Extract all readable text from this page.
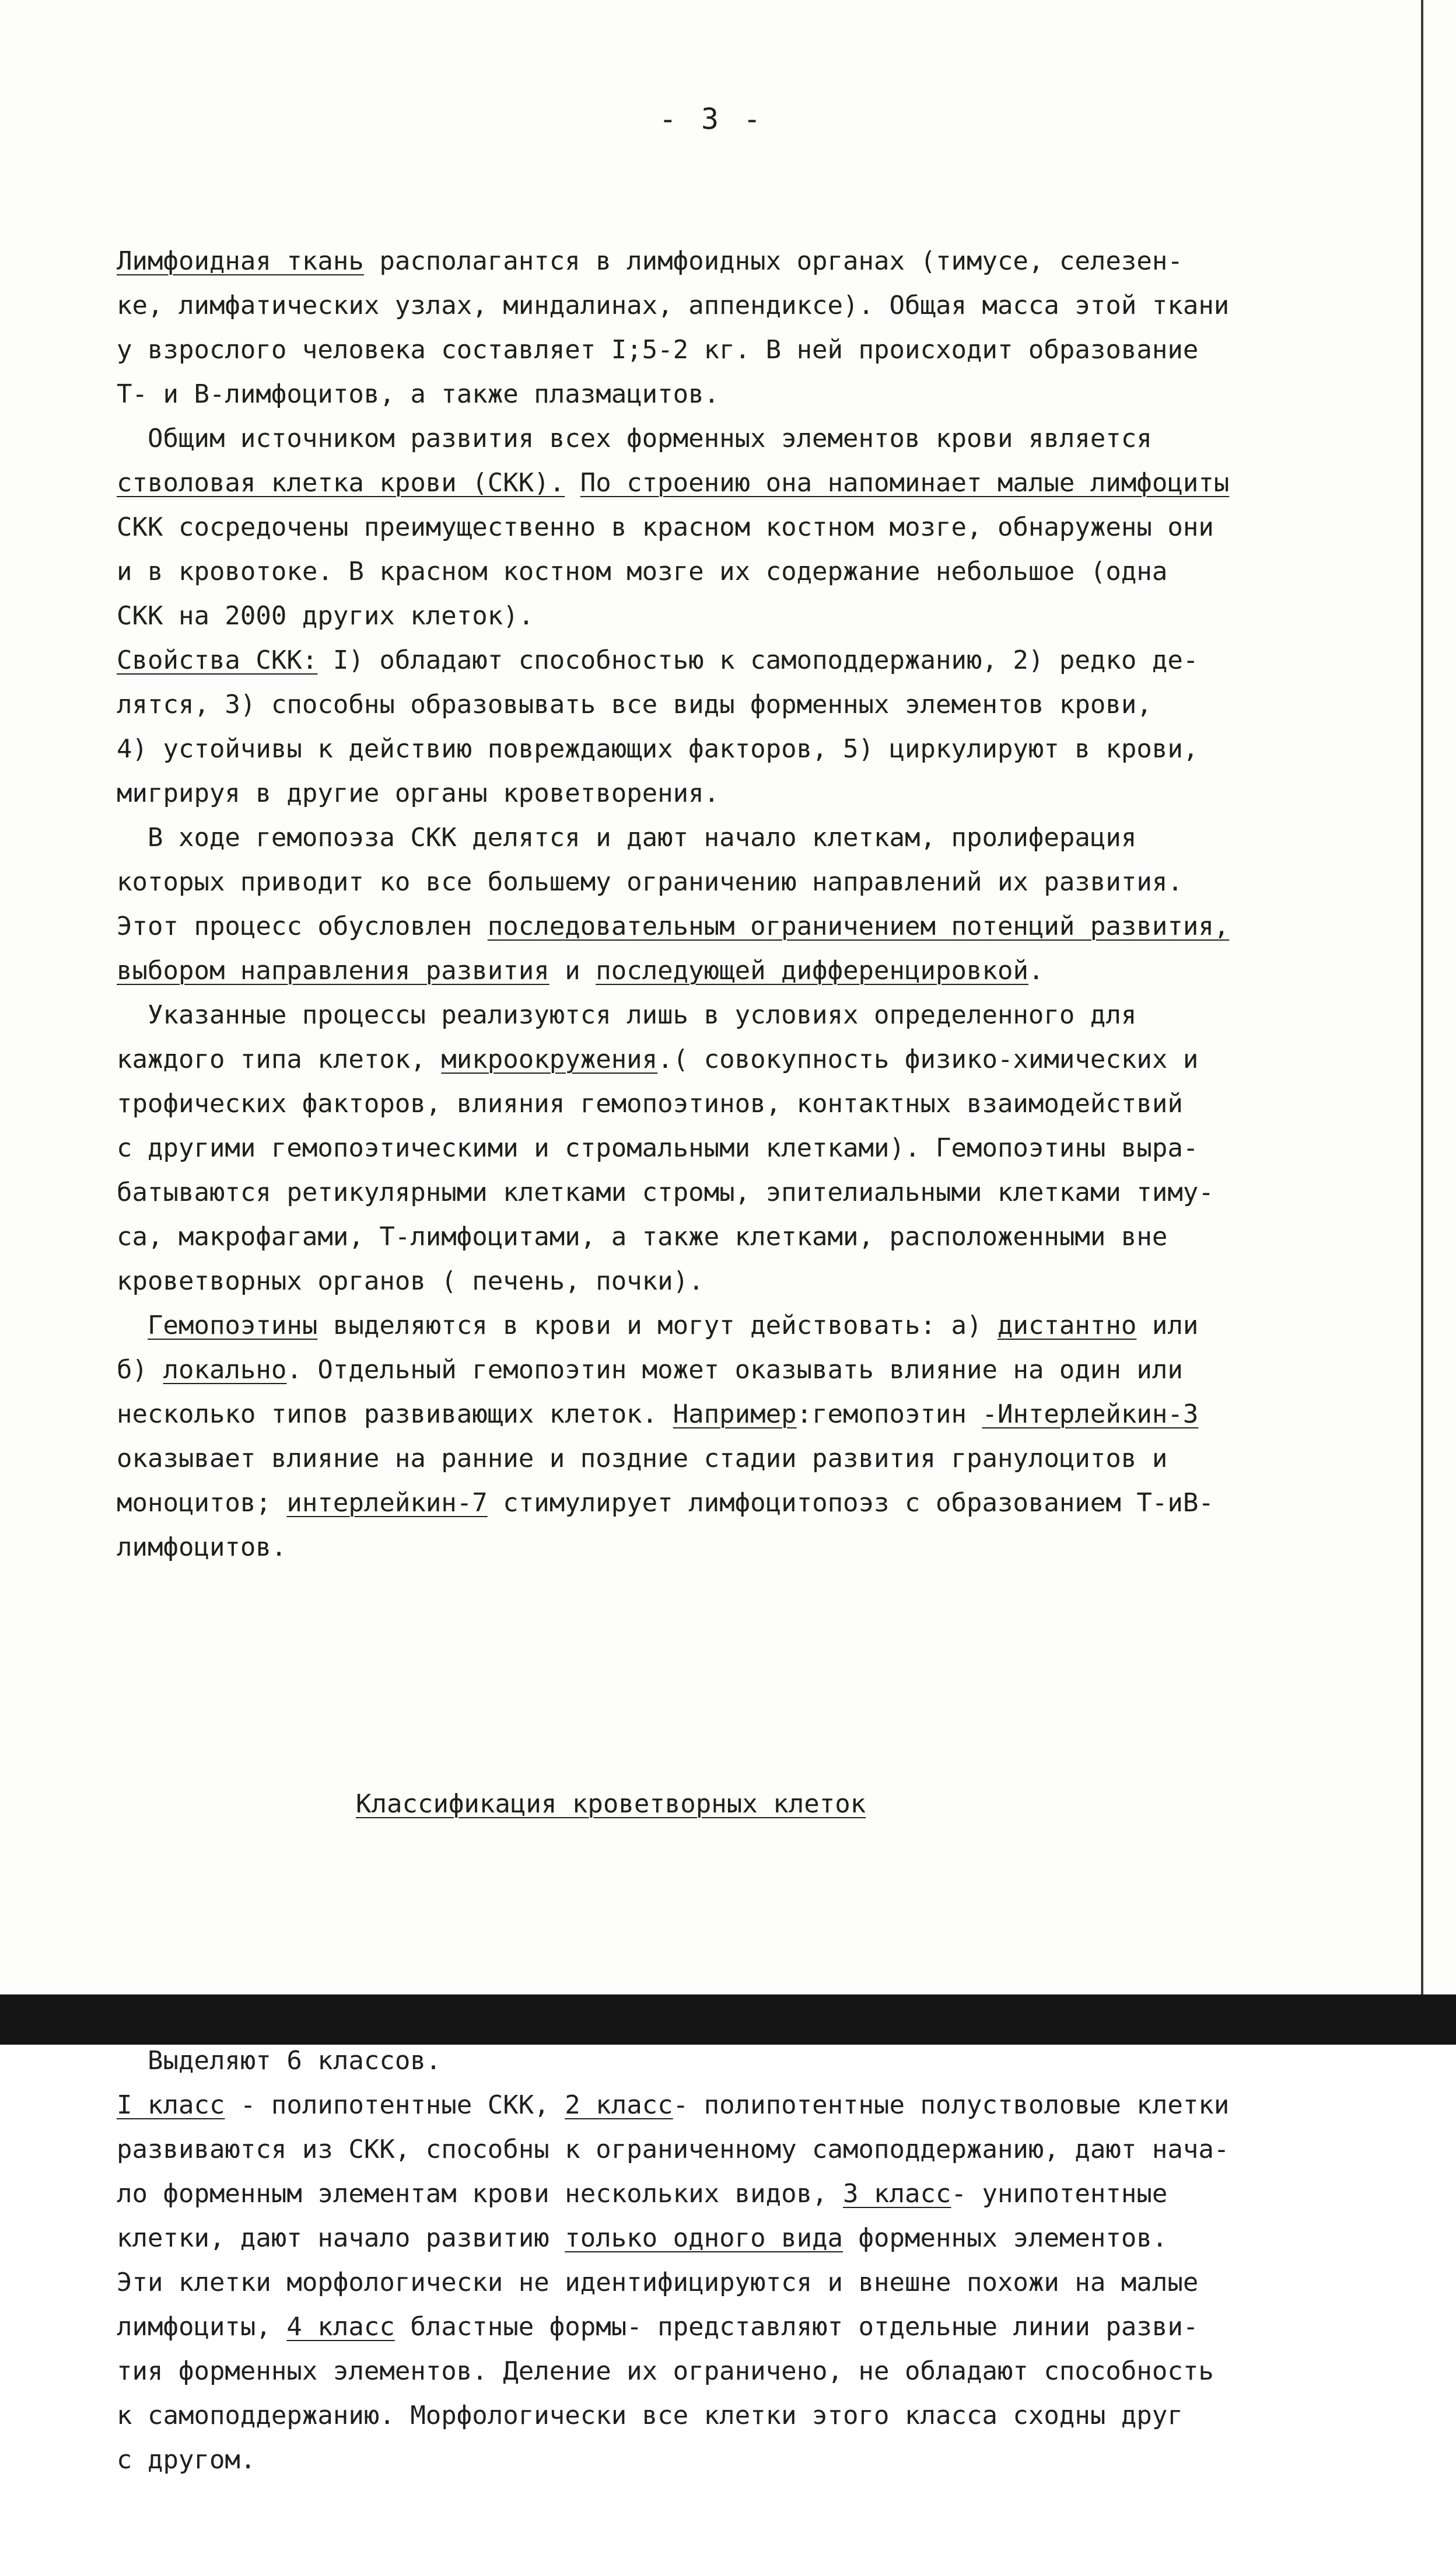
- 3 -

Лимфоидная ткань располагантся в лимфоидных органах (тимусе, селезен-
ке, лимфатических узлах, миндалинах, аппендиксе). Общая масса этой ткани
у взрослого человека составляет I;5-2 кг. В ней происходит образование
Т- и В-лимфоцитов, а также плазмацитов.
Общим источником развития всех форменных элементов крови является
стволовая клетка крови (СКК). По строению она напоминает малые лимфоциты
СКК сосредочены преимущественно в красном костном мозге, обнаружены они
и в кровотоке. В красном костном мозге их содержание небольшое (одна
СКК на 2000 других клеток).
Свойства СКК: I) обладают способностью к самоподдержанию, 2) редко де-
лятся, 3) способны образовывать все виды форменных элементов крови,
4) устойчивы к действию повреждающих факторов, 5) циркулируют в крови,
мигрируя в другие органы кроветворения.
В ходе гемопоэза СКК делятся и дают начало клеткам, пролиферация
которых приводит ко все большему ограничению направлений их развития.
Этот процесс обусловлен последовательным ограничением потенций развития,
выбором направления развития и последующей дифференцировкой.
Указанные процессы реализуются лишь в условиях определенного для
каждого типа клеток, микроокружения.( совокупность физико-химических и
трофических факторов, влияния гемопоэтинов, контактных взаимодействий
с другими гемопоэтическими и стромальными клетками). Гемопоэтины выра-
батываются ретикулярными клетками стромы, эпителиальными клетками тиму-
са, макрофагами, Т-лимфоцитами, а также клетками, расположенными вне
кроветворных органов ( печень, почки).
Гемопоэтины выделяются в крови и могут действовать: а) дистантно или
б) локально. Отдельный гемопоэтин может оказывать влияние на один или
несколько типов развивающих клеток. Например:гемопоэтин -Интерлейкин-3
оказывает влияние на ранние и поздние стадии развития гранулоцитов и
моноцитов; интерлейкин-7 стимулирует лимфоцитопоэз с образованием Т-иВ-
лимфоцитов.

Классификация кроветворных клеток

Выделяют 6 классов.
I класс - полипотентные СКК, 2 класс- полипотентные полустволовые клетки
развиваются из СКК, способны к ограниченному самоподдержанию, дают нача-
ло форменным элементам крови нескольких видов, 3 класс- унипотентные
клетки, дают начало развитию только одного вида форменных элементов.
Эти клетки морфологически не идентифицируются и внешне похожи на малые
лимфоциты, 4 класс бластные формы- представляют отдельные линии разви-
тия форменных элементов. Деление их ограничено, не обладают способность
к самоподдержанию. Морфологически все клетки этого класса сходны друг
с другом.
